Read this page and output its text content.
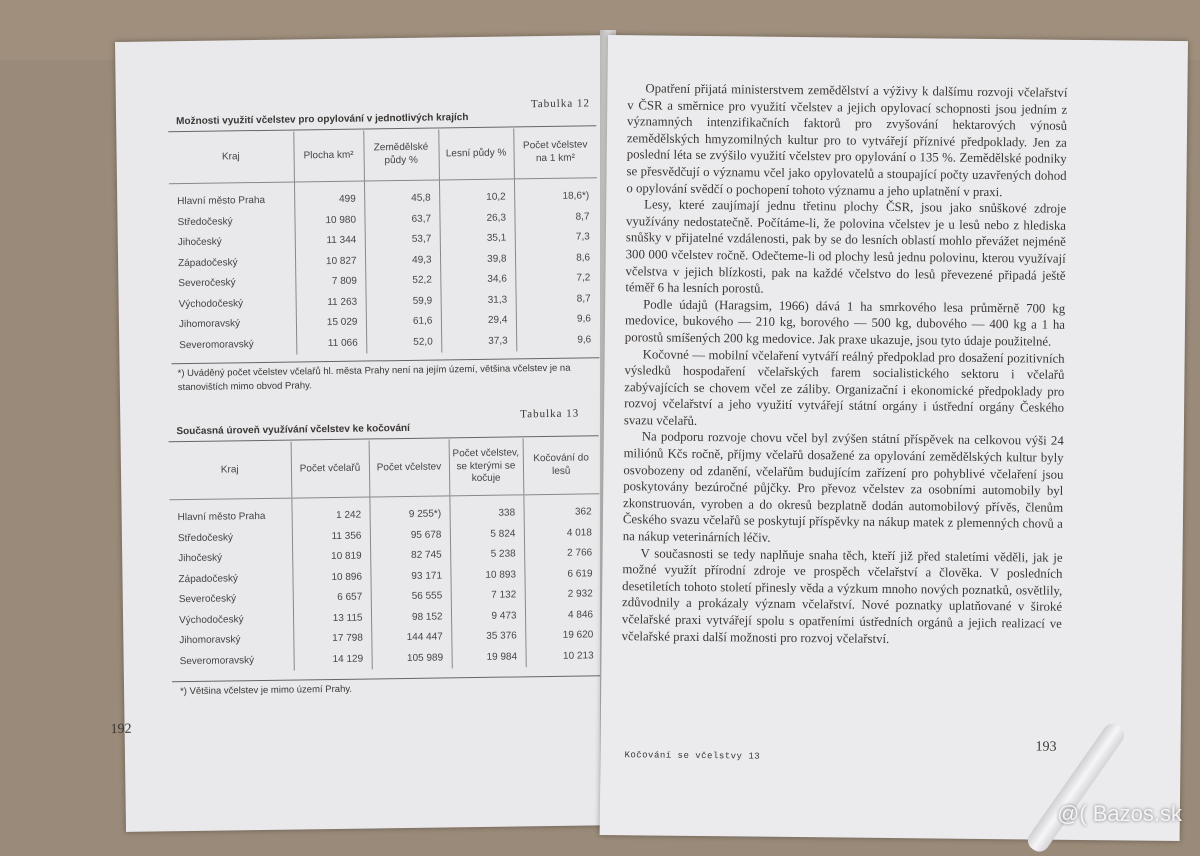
Tabulka 12
Možnosti využití včelstev pro opylování v jednotlivých krajích
Kraj	Plocha km²	Zemědělské půdy %	Lesní půdy %	Počet včelstev na 1 km²
Hlavní město Praha	499	45,8	10,2	18,6*)
Středočeský	10 980	63,7	26,3	8,7
Jihočeský	11 344	53,7	35,1	7,3
Západočeský	10 827	49,3	39,8	8,6
Severočeský	7 809	52,2	34,6	7,2
Východočeský	11 263	59,9	31,3	8,7
Jihomoravský	15 029	61,6	29,4	9,6
Severomoravský	11 066	52,0	37,3	9,6
*) Uváděný počet včelstev včelařů hl. města Prahy není na jejím území, většina včelstev je na stanovištích mimo obvod Prahy.
Tabulka 13
Současná úroveň využívání včelstev ke kočování
Kraj	Počet včelařů	Počet včelstev	Počet včelstev, se kterými se kočuje	Kočování do lesů
Hlavní město Praha	1 242	9 255*)	338	362
Středočeský	11 356	95 678	5 824	4 018
Jihočeský	10 819	82 745	5 238	2 766
Západočeský	10 896	93 171	10 893	6 619
Severočeský	6 657	56 555	7 132	2 932
Východočeský	13 115	98 152	9 473	4 846
Jihomoravský	17 798	144 447	35 376	19 620
Severomoravský	14 129	105 989	19 984	10 213
*) Většina včelstev je mimo území Prahy.
192

Opatření přijatá ministerstvem zemědělství a výživy k dalšímu rozvoji včelařství v ČSR a směrnice pro využití včelstev a jejich opylovací schopnosti jsou jedním z významných intenzifikačních faktorů pro zvyšování hektarových výnosů zemědělských hmyzomilných kultur pro to vytvářejí příznivé předpoklady. Jen za poslední léta se zvýšilo využití včelstev pro opylování o 135 %. Zemědělské podniky se přesvědčují o významu včel jako opylovatelů a stoupající počty uzavřených dohod o opylování svědčí o pochopení tohoto významu a jeho uplatnění v praxi.

Lesy, které zaujímají jednu třetinu plochy ČSR, jsou jako snůškové zdroje využívány nedostatečně. Počítáme-li, že polovina včelstev je u lesů nebo z hlediska snůšky v přijatelné vzdálenosti, pak by se do lesních oblastí mohlo převážet nejméně 300 000 včelstev ročně. Odečteme-li od plochy lesů jednu polovinu, kterou využívají včelstva v jejich blízkosti, pak na každé včelstvo do lesů převezené připadá ještě téměř 6 ha lesních porostů.

Podle údajů (Haragsim, 1966) dává 1 ha smrkového lesa průměrně 700 kg medovice, bukového — 210 kg, borového — 500 kg, dubového — 400 kg a 1 ha porostů smíšených 200 kg medovice. Jak praxe ukazuje, jsou tyto údaje použitelné.

Kočovné — mobilní včelaření vytváří reálný předpoklad pro dosažení pozitivních výsledků hospodaření včelařských farem socialistického sektoru i včelařů zabývajících se chovem včel ze záliby. Organizační i ekonomické předpoklady pro rozvoj včelařství a jeho využití vytvářejí státní orgány i ústřední orgány Českého svazu včelařů.

Na podporu rozvoje chovu včel byl zvýšen státní příspěvek na celkovou výši 24 miliónů Kčs ročně, příjmy včelařů dosažené za opylování zemědělských kultur byly osvobozeny od zdanění, včelařům budujícím zařízení pro pohyblivé včelaření jsou poskytovány bezúročné půjčky. Pro převoz včelstev za osobními automobily byl zkonstruován, vyroben a do okresů bezplatně dodán automobilový přívěs, členům Českého svazu včelařů se poskytují příspěvky na nákup matek z plemenných chovů a na nákup veterinárních léčiv.

V současnosti se tedy naplňuje snaha těch, kteří již před staletími věděli, jak je možné využít přírodní zdroje ve prospěch včelařství a člověka. V posledních desetiletích tohoto století přinesly věda a výzkum mnoho nových poznatků, osvětlily, zdůvodnily a prokázaly význam včelařství. Nové poznatky uplatňované v široké včelařské praxi vytvářejí spolu s opatřeními ústředních orgánů a jejich realizací ve včelařské praxi další možnosti pro rozvoj včelařství.

Kočování se včelstvy 13
193
@( Bazos.sk
